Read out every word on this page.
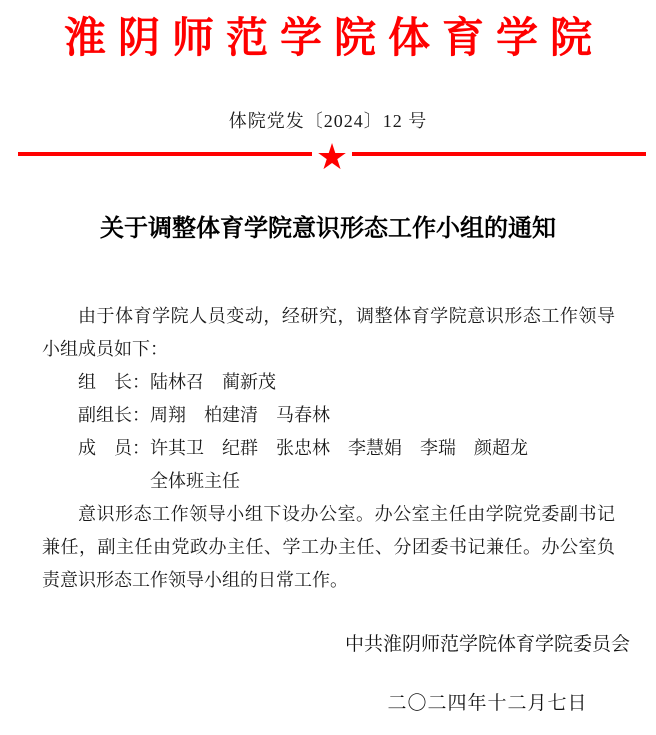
淮阴师范学院体育学院
体院党发〔2024〕12 号
★
关于调整体育学院意识形态工作小组的通知

由于体育学院人员变动，经研究，调整体育学院意识形态工作领导小组成员如下：

组　长：陆林召　蔺新茂
副组长：周翔　柏建清　马春林
成　员：许其卫　纪群　张忠林　李慧娟　李瑞　颜超龙
　　　　全体班主任

意识形态工作领导小组下设办公室。办公室主任由学院党委副书记兼任，副主任由党政办主任、学工办主任、分团委书记兼任。办公室负责意识形态工作领导小组的日常工作。

中共淮阴师范学院体育学院委员会
二〇二四年十二月七日
